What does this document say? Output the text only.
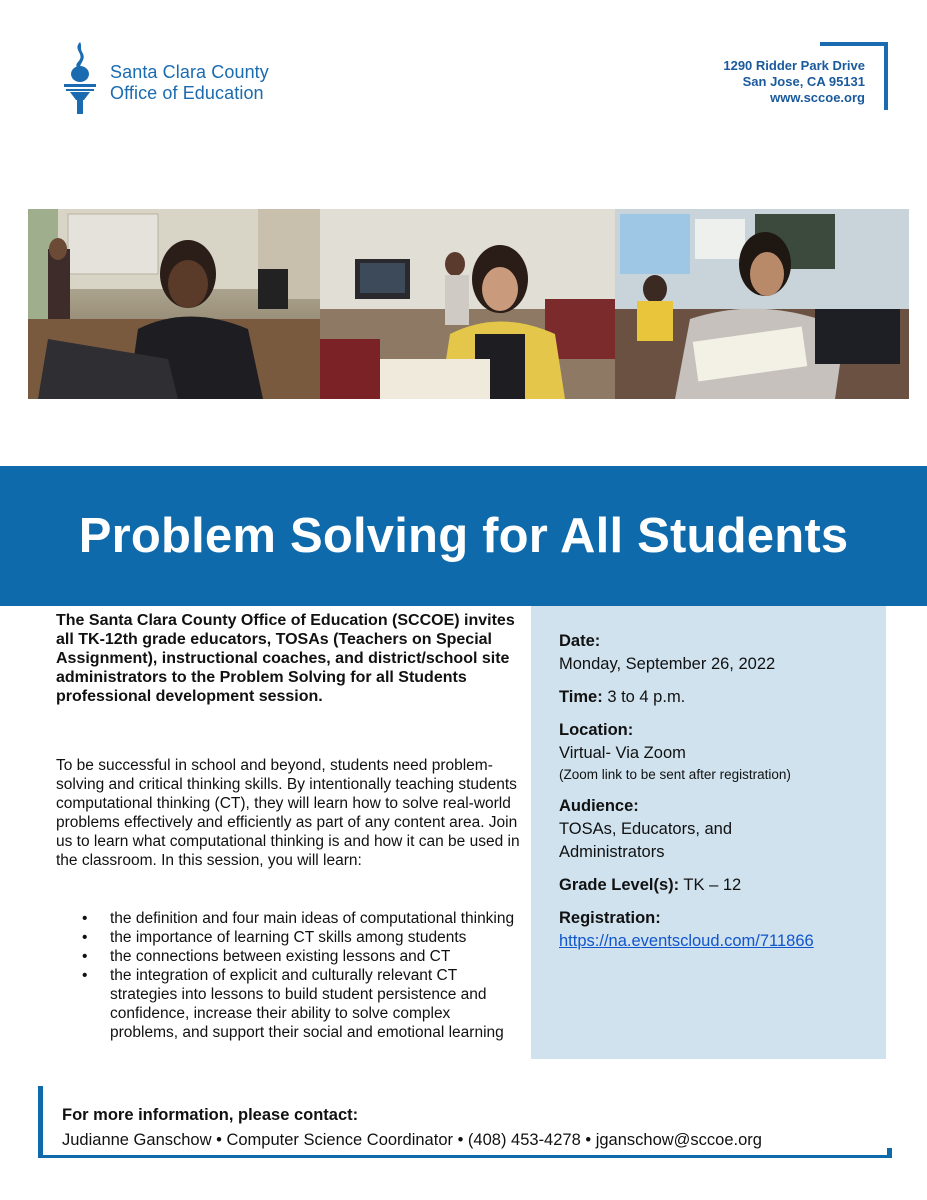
Santa Clara County
Office of Education
1290 Ridder Park Drive
San Jose, CA 95131
www.sccoe.org
Problem Solving for All Students

The Santa Clara County Office of Education (SCCOE) invites all TK-12th grade educators, TOSAs (Teachers on Special Assignment), instructional coaches, and district/school site administrators to the Problem Solving for all Students professional development session.

To be successful in school and beyond, students need problem-solving and critical thinking skills. By intentionally teaching students computational thinking (CT), they will learn how to solve real-world problems effectively and efficiently as part of any content area. Join us to learn what computational thinking is and how it can be used in the classroom. In this session, you will learn:

• the definition and four main ideas of computational thinking
• the importance of learning CT skills among students
• the connections between existing lessons and CT
• the integration of explicit and culturally relevant CT strategies into lessons to build student persistence and confidence, increase their ability to solve complex problems, and support their social and emotional learning
Date:
Monday, September 26, 2022
Time: 3 to 4 p.m.
Location:
Virtual- Via Zoom
(Zoom link to be sent after registration)
Audience:
TOSAs, Educators, and
Administrators
Grade Level(s): TK – 12
Registration:
https://na.eventscloud.com/711866
For more information, please contact:
Judianne Ganschow • Computer Science Coordinator • (408) 453-4278 • jganschow@sccoe.org
